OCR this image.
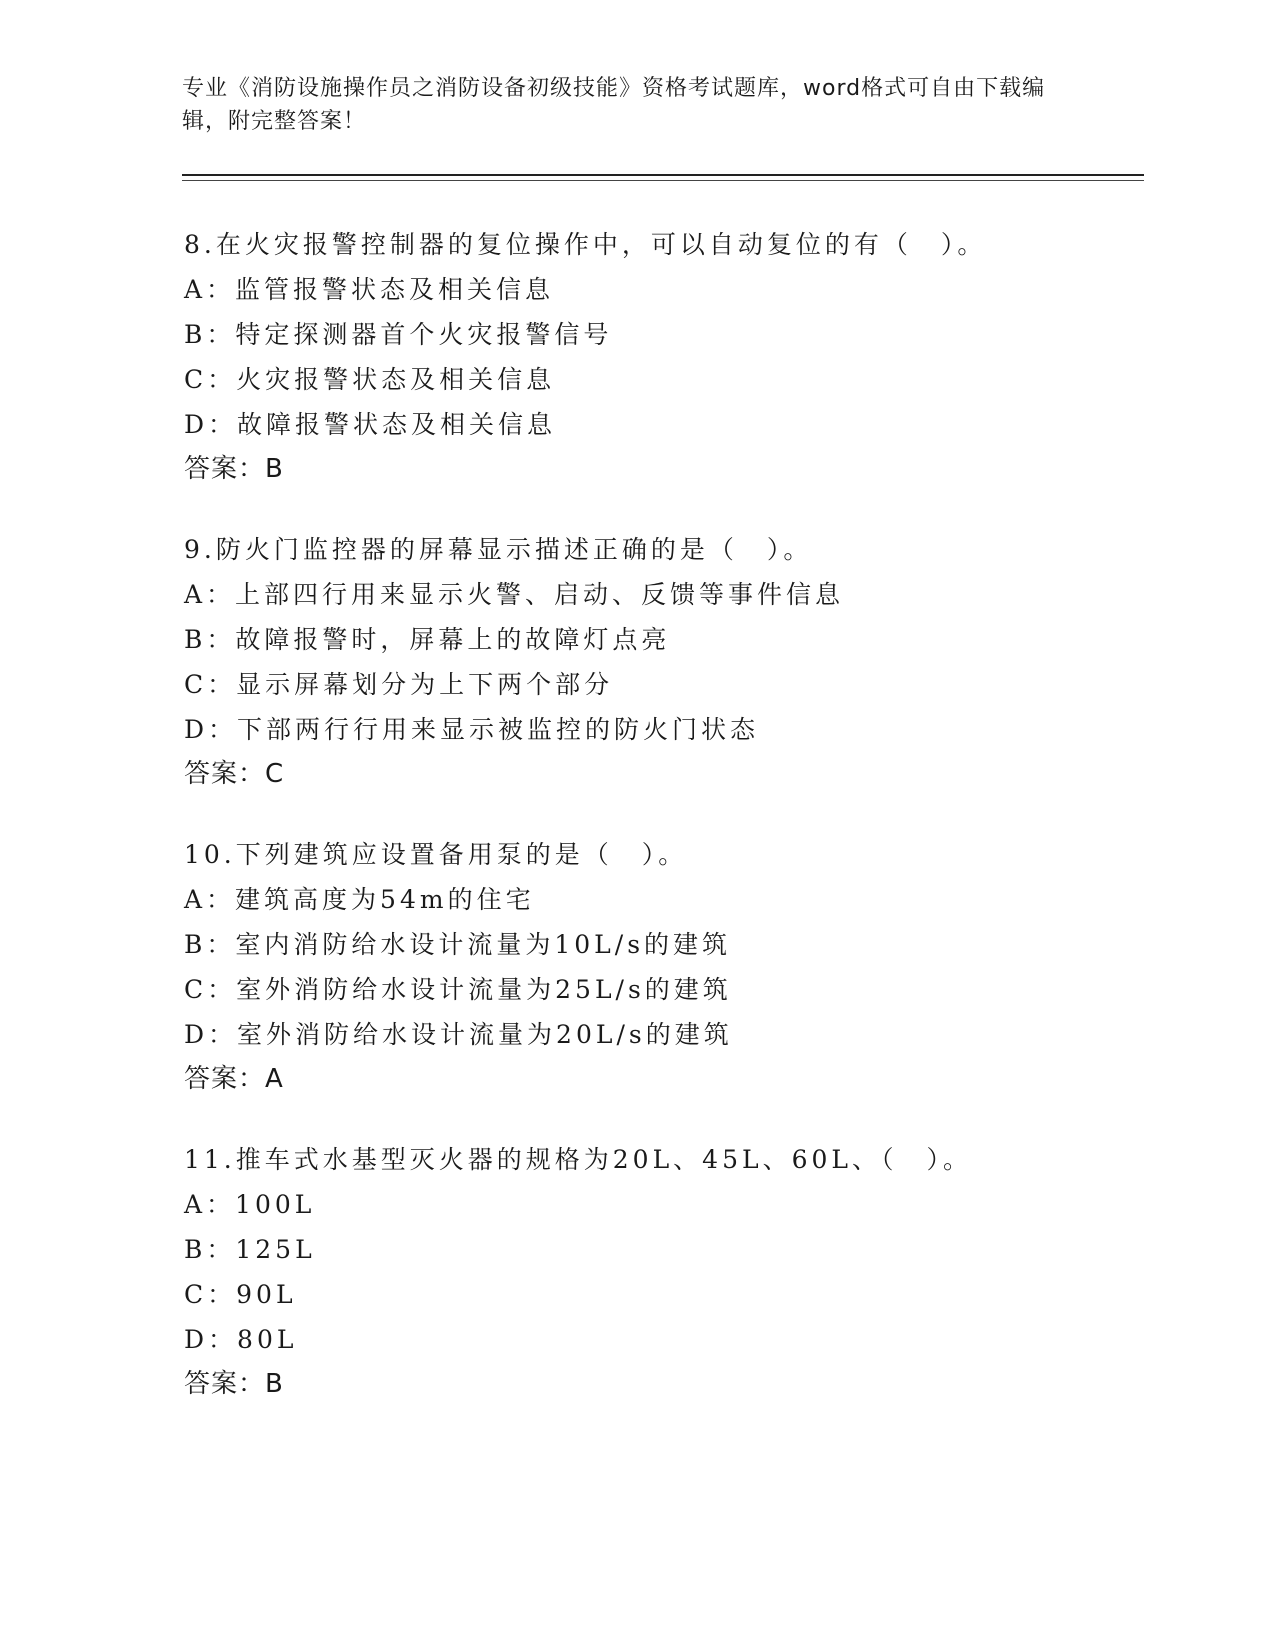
专业《消防设施操作员之消防设备初级技能》资格考试题库，word格式可自由下载编辑，附完整答案！
8.在火灾报警控制器的复位操作中，可以自动复位的有（　）。
A：监管报警状态及相关信息
B：特定探测器首个火灾报警信号
C：火灾报警状态及相关信息
D：故障报警状态及相关信息
答案：B
9.防火门监控器的屏幕显示描述正确的是（　）。
A：上部四行用来显示火警、启动、反馈等事件信息
B：故障报警时，屏幕上的故障灯点亮
C：显示屏幕划分为上下两个部分
D：下部两行行用来显示被监控的防火门状态
答案：C
10.下列建筑应设置备用泵的是（　）。
A：建筑高度为54m的住宅
B：室内消防给水设计流量为10L/s的建筑
C：室外消防给水设计流量为25L/s的建筑
D：室外消防给水设计流量为20L/s的建筑
答案：A
11.推车式水基型灭火器的规格为20L、45L、60L、（　）。
A：100L
B：125L
C：90L
D：80L
答案：B
